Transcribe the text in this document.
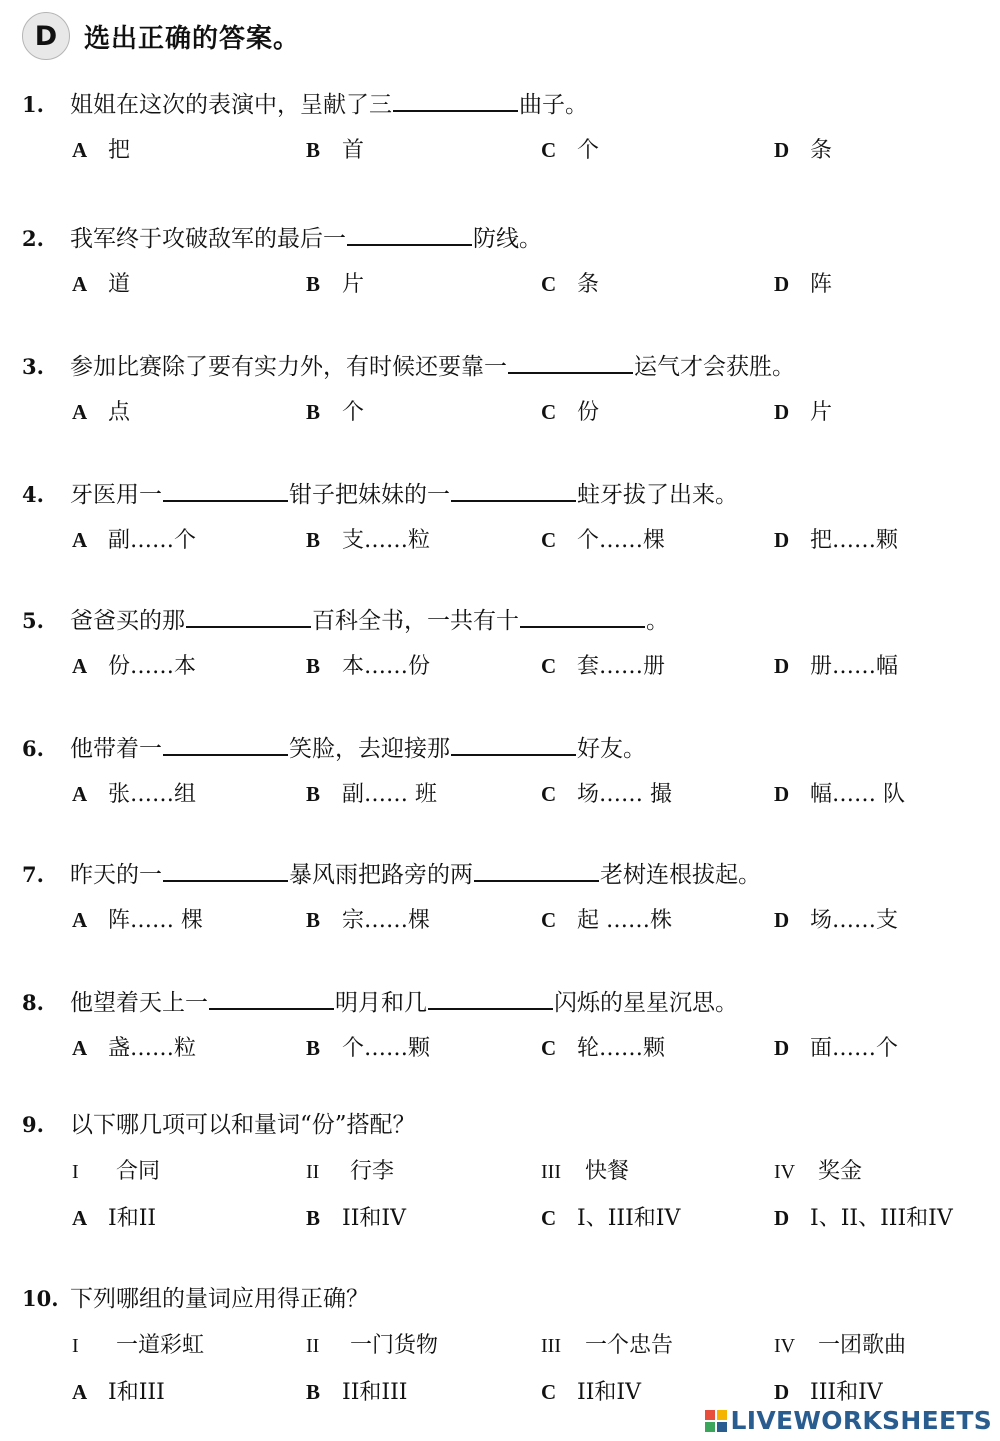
D	选出正确的答案。
1. 姐姐在这次的表演中，呈献了三	曲子。
A 把	B 首	C 个	D 条
2. 我军终于攻破敌军的最后一	防线。
A 道	B 片	C 条	D 阵
3. 参加比赛除了要有实力外，有时候还要靠一	运气才会获胜。
A 点	B 个	C 份	D 片
4. 牙医用一	钳子把妹妹的一	蛀牙拔了出来。
A 副……个	B 支……粒	C 个……棵	D 把……颗
5. 爸爸买的那	百科全书，一共有十	。
A 份……本	B 本……份	C 套……册	D 册……幅
6. 他带着一	笑脸，去迎接那	好友。
A 张……组	B 副…… 班	C 场…… 撮	D 幅…… 队
7. 昨天的一	暴风雨把路旁的两	老树连根拔起。
A 阵…… 棵	B 宗……棵	C 起 ……株	D 场……支
8. 他望着天上一	明月和几	闪烁的星星沉思。
A 盏……粒	B 个……颗	C 轮……颗	D 面……个
9. 以下哪几项可以和量词“份”搭配？
I 合同	II 行李	III 快餐	IV 奖金
A I和II	B II和IV	C I、III和IV	D I、II、III和IV
10. 下列哪组的量词应用得正确？
I 一道彩虹	II 一门货物	III 一个忠告	IV 一团歌曲
A I和III	B II和III	C II和IV	D III和IV
LIVEWORKSHEETS
